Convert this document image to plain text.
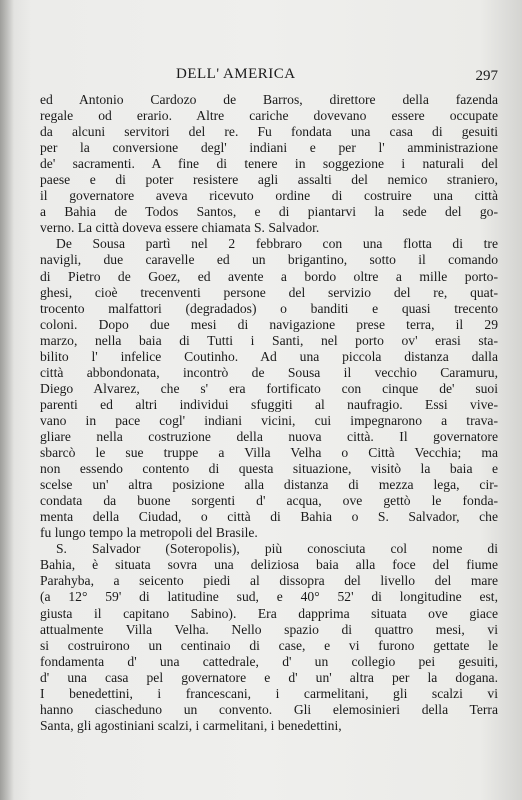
DELL' AMERICA	297
ed Antonio Cardozo de Barros, direttore della fazenda
regale od erario. Altre cariche dovevano essere occupate
da alcuni servitori del re. Fu fondata una casa di gesuiti
per la conversione degl' indiani e per l' amministrazione
de' sacramenti. A fine di tenere in soggezione i naturali del
paese e di poter resistere agli assalti del nemico straniero,
il governatore aveva ricevuto ordine di costruire una città
a Bahia de Todos Santos, e di piantarvi la sede del go-
verno. La città doveva essere chiamata S. Salvador.
De Sousa partì nel 2 febbraro con una flotta di tre
navigli, due caravelle ed un brigantino, sotto il comando
di Pietro de Goez, ed avente a bordo oltre a mille porto-
ghesi, cioè trecenventi persone del servizio del re, quat-
trocento malfattori (degradados) o banditi e quasi trecento
coloni. Dopo due mesi di navigazione prese terra, il 29
marzo, nella baia di Tutti i Santi, nel porto ov' erasi sta-
bilito l' infelice Coutinho. Ad una piccola distanza dalla
città abbondonata, incontrò de Sousa il vecchio Caramuru,
Diego Alvarez, che s' era fortificato con cinque de' suoi
parenti ed altri individui sfuggiti al naufragio. Essi vive-
vano in pace cogl' indiani vicini, cui impegnarono a trava-
gliare nella costruzione della nuova città. Il governatore
sbarcò le sue truppe a Villa Velha o Città Vecchia; ma
non essendo contento di questa situazione, visitò la baia e
scelse un' altra posizione alla distanza di mezza lega, cir-
condata da buone sorgenti d' acqua, ove gettò le fonda-
menta della Ciudad, o città di Bahia o S. Salvador, che
fu lungo tempo la metropoli del Brasile.
S. Salvador (Soteropolis), più conosciuta col nome di
Bahia, è situata sovra una deliziosa baia alla foce del fiume
Parahyba, a seicento piedi al dissopra del livello del mare
(a 12° 59' di latitudine sud, e 40° 52' di longitudine est,
giusta il capitano Sabino). Era dapprima situata ove giace
attualmente Villa Velha. Nello spazio di quattro mesi, vi
si costruirono un centinaio di case, e vi furono gettate le
fondamenta d' una cattedrale, d' un collegio pei gesuiti,
d' una casa pel governatore e d' un' altra per la dogana.
I benedettini, i francescani, i carmelitani, gli scalzi vi
hanno ciascheduno un convento. Gli elemosinieri della Terra
Santa, gli agostiniani scalzi, i carmelitani, i benedettini,
